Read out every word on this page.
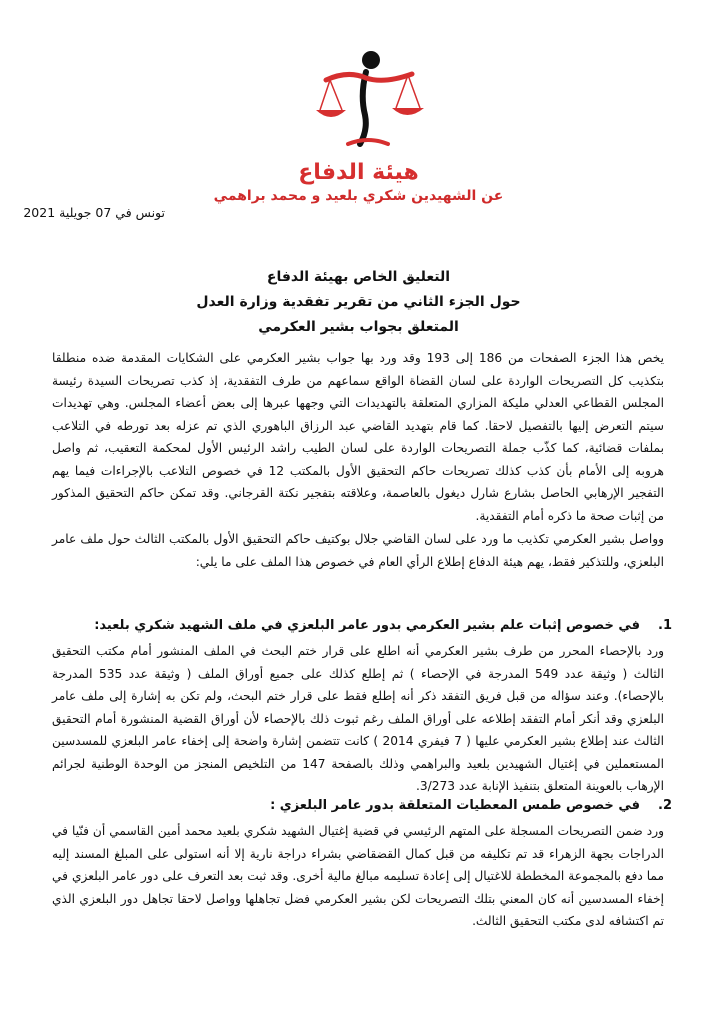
هيئة الدفاع
عن الشهيدين شكري بلعيد و محمد براهمي
تونس في 07 جويلية 2021
التعليق الخاص بهيئة الدفاع
حول الجزء الثاني من تقرير تفقدية وزارة العدل
المتعلق بجواب بشير العكرمي

يخص هذا الجزء الصفحات من 186 إلى 193 وقد ورد بها جواب بشير العكرمي على الشكايات المقدمة ضده منطلقا بتكذيب كل التصريحات الواردة على لسان القضاة الواقع سماعهم من طرف التفقدية، إذ كذب تصريحات السيدة رئيسة المجلس القطاعي العدلي مليكة المزاري المتعلقة بالتهديدات التي وجهها عبرها إلى بعض أعضاء المجلس. وهي تهديدات سيتم التعرض إليها بالتفصيل لاحقا. كما قام بتهديد القاضي عبد الرزاق الباهوري الذي تم عزله بعد تورطه في التلاعب بملفات قضائية، كما كذّب جملة التصريحات الواردة على لسان الطيب راشد الرئيس الأول لمحكمة التعقيب، ثم واصل هروبه إلى الأمام بأن كذب كذلك تصريحات حاكم التحقيق الأول بالمكتب 12 في خصوص التلاعب بالإجراءات فيما يهم التفجير الإرهابي الحاصل بشارع شارل ديغول بالعاصمة، وعلاقته بتفجير نكتة القرجاني. وقد تمكن حاكم التحقيق المذكور من إثبات صحة ما ذكره أمام التفقدية.

وواصل بشير العكرمي تكذيب ما ورد على لسان القاضي جلال بوكتيف حاكم التحقيق الأول بالمكتب الثالث حول ملف عامر البلعزي، وللتذكير فقط، يهم هيئة الدفاع إطلاع الرأي العام في خصوص هذا الملف على ما يلي:

1.في خصوص إثبات علم بشير العكرمي بدور عامر البلعزي في ملف الشهيد شكري بلعيد:

ورد بالإحصاء المحرر من طرف بشير العكرمي أنه اطلع على قرار ختم البحث في الملف المنشور أمام مكتب التحقيق الثالث ( وثيقة عدد 549 المدرجة في الإحصاء ) ثم إطلع كذلك على جميع أوراق الملف ( وثيقة عدد 535 المدرجة بالإحصاء). وعند سؤاله من قبل فريق التفقد ذكر أنه إطلع فقط على قرار ختم البحث، ولم تكن به إشارة إلى ملف عامر البلعزي وقد أنكر أمام التفقد إطلاعه على أوراق الملف رغم ثبوت ذلك بالإحصاء لأن أوراق القضية المنشورة أمام التحقيق الثالث عند إطلاع بشير العكرمي عليها ( 7 فيفري 2014 ) كانت تتضمن إشارة واضحة إلى إخفاء عامر البلعزي للمسدسين المستعملين في إغتيال الشهيدين بلعيد والبراهمي وذلك بالصفحة 147 من التلخيص المنجز من الوحدة الوطنية لجرائم الإرهاب بالعوينة المتعلق بتنفيذ الإنابة عدد 3/273.

2.في خصوص طمس المعطيات المتعلقة بدور عامر البلعزي :

ورد ضمن التصريحات المسجلة على المتهم الرئيسي في قضية إغتيال الشهيد شكري بلعيد محمد أمين القاسمي أن فنّيا في الدراجات بجهة الزهراء قد تم تكليفه من قبل كمال القضقاضي بشراء دراجة نارية إلا أنه استولى على المبلغ المسند إليه مما دفع بالمجموعة المخططة للاغتيال إلى إعادة تسليمه مبالغ مالية أخرى. وقد ثبت بعد التعرف على دور عامر البلعزي في إخفاء المسدسين أنه كان المعني بتلك التصريحات لكن بشير العكرمي فضل تجاهلها وواصل لاحقا تجاهل دور البلعزي الذي تم اكتشافه لدى مكتب التحقيق الثالث.
